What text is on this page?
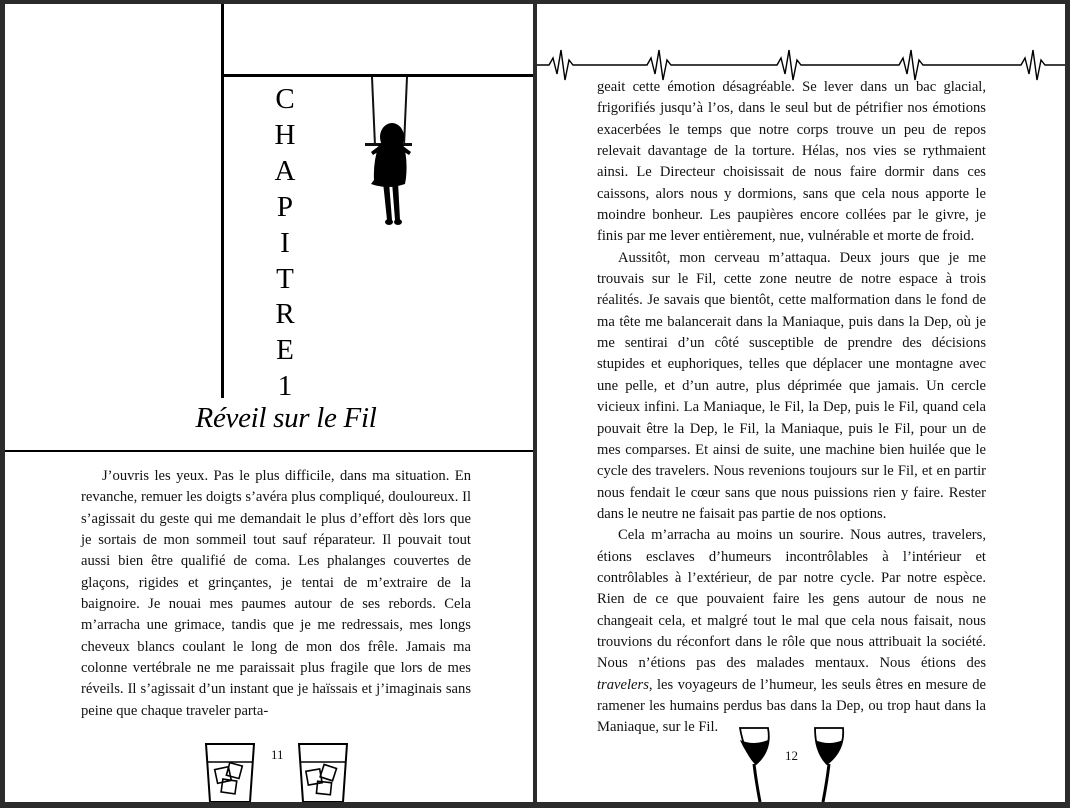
C
H
A
P
I
T
R
E
1
Réveil sur le Fil

J’ouvris les yeux. Pas le plus difficile, dans ma situation. En revanche, remuer les doigts s’avéra plus compliqué, douloureux. Il s’agissait du geste qui me demandait le plus d’effort dès lors que je sortais de mon sommeil tout sauf réparateur. Il pouvait tout aussi bien être qualifié de coma. Les phalanges couvertes de glaçons, rigides et grinçantes, je tentai de m’extraire de la baignoire. Je nouai mes paumes autour de ses rebords. Cela m’arracha une grimace, tandis que je me redressais, mes longs cheveux blancs coulant le long de mon dos frêle. Jamais ma colonne vertébrale ne me paraissait plus fragile que lors de mes réveils. Il s’agissait d’un instant que je haïssais et j’imaginais sans peine que chaque traveler parta-

11

geait cette émotion désagréable. Se lever dans un bac glacial, frigorifiés jusqu’à l’os, dans le seul but de pétrifier nos émotions exacerbées le temps que notre corps trouve un peu de repos relevait davantage de la torture. Hélas, nos vies se rythmaient ainsi. Le Directeur choisissait de nous faire dormir dans ces caissons, alors nous y dormions, sans que cela nous apporte le moindre bonheur. Les paupières encore collées par le givre, je finis par me lever entièrement, nue, vulnérable et morte de froid.

Aussitôt, mon cerveau m’attaqua. Deux jours que je me trouvais sur le Fil, cette zone neutre de notre espace à trois réalités. Je savais que bientôt, cette malformation dans le fond de ma tête me balancerait dans la Maniaque, puis dans la Dep, où je me sentirai d’un côté susceptible de prendre des décisions stupides et euphoriques, telles que déplacer une montagne avec une pelle, et d’un autre, plus déprimée que jamais. Un cercle vicieux infini. La Maniaque, le Fil, la Dep, puis le Fil, quand cela pouvait être la Dep, le Fil, la Maniaque, puis le Fil, pour un de mes comparses. Et ainsi de suite, une machine bien huilée que le cycle des travelers. Nous revenions toujours sur le Fil, et en partir nous fendait le cœur sans que nous puissions rien y faire. Rester dans le neutre ne faisait pas partie de nos options.

Cela m’arracha au moins un sourire. Nous autres, travelers, étions esclaves d’humeurs incontrôlables à l’intérieur et contrôlables à l’extérieur, de par notre cycle. Par notre espèce. Rien de ce que pouvaient faire les gens autour de nous ne changeait cela, et malgré tout le mal que cela nous faisait, nous trouvions du réconfort dans le rôle que nous attribuait la société. Nous n’étions pas des malades mentaux. Nous étions des travelers, les voyageurs de l’humeur, les seuls êtres en mesure de ramener les humains perdus bas dans la Dep, ou trop haut dans la Maniaque, sur le Fil.

12
